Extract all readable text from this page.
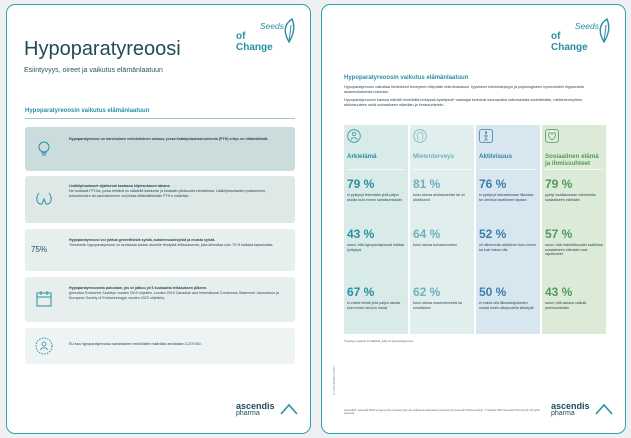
Seeds
of Change
Hypoparatyreoosi
Esiintyvyys, oireet ja vaikutus elämänlaatuun
Hypoparatyreoosin vaikutus elämänlaatuun
Hypoparatyreoosi on harvinainen endokriininen sairaus, jossa lisäkilpirauhashormonin (PTH) eritys on riittämätöntä.
Lisäkilpirauhaset sijaitsevat kaulassa kilpirauhasen takana.
Ne tuottavat PTH:ta, jonka tehtävä on säädellä kalsiumin ja fosfaatin pitoisuutta elimistössä. Lisäkilpirauhasten poistaminen, tuhoutuminen tai vaurioituminen voi johtaa riittämättömään PTH:n määrään.
75%
Hypoparatyreoosi voi johtua geneettisistä syistä, autoimmuunisyistä ja muista syistä.
Yleisimmin hypoparatyreoosi on seurausta kaulan alueelle tehdystä leikkauksesta, joka aiheuttaa noin 75 % kaikista tapauksista.
Hypoparatyreoosista puhutaan, jos se jatkuu yli 6 kuukautta leikkauksen jälkeen.
(perustuu Endocrine Societyn vuoden 2019 ohjeisiin, vuoden 2019 Canadian and International Consensus Statement -lausuntoon ja European Society of Endocrinologyn vuoden 2022 ohjeisiin).
EU:ssa hypoparatyreoosia sairastavien henkilöiden määräksi arvioidaan 3,219 000.
ascendis
pharma
Seeds
of Change
Hypoparatyreoosin vaikutus elämänlaatuun
Hypoparatyreoosi vaikuttaa kielteisesti terveyteen liittyvään elämänlaatuun, fyysiseen toimintakykyyn ja psykologiseen hyvinvointiin riippumatta asianmukaisesta hoidosta.
Hypoparatyreoosin kanssa elävillä henkilöillä tehdyssä kyselyssä* vastaajat kertoivat seuraavista vaikutuksista arkielämään, mielenterveyteen, aktiivisuuteen sekä sosiaaliseen elämään ja ihmissuhteisiin.
Arkielämä
79 %
ei pystynyt tekemään yhtä paljon asioita kuin ennen sairastumistaan
43 %
sanoi, että hypoparatyreoosi haittaa työkykyä
67 %
ei voinut tehdä yhtä paljon asioita kuin ennen tai kuin halusi
Mielenterveys
81 %
tunsi olonsa ahdistuneeksi tai oli ahdistunut
64 %
tunsi olonsa turhautuneeksi
62 %
tunsi olonsa masentuneeksi tai surulliseksi
Aktiivisuus
76 %
ei pystynyt harrastamaan liikuntaa tai urheilua tavalliseen tapaan
52 %
oli vähemmän aktiivinen kuin ennen tai kuin halusi olla
50 %
ei voinut olla liikuntarajoitusten vuoksi kodin ulkopuolella kävelyllä
Sosiaalinen elämä ja ihmissuhteet
79 %
pystyi osallistumaan vähemmän sosiaaliseen elämään
57 %
sanoi, että mahdollisuudet osallistua sosiaaliseen elämään ovat rajoittuneet
43 %
sanoi, että sairaus vaikutti perhesuhteisiin
*Kyselyyn vastasi 41 lääkäriä, joilla oli hypoparatyreoosi.
EU-HPO-0000000 10/2024
Ascendis®, Ascendis Pharma logo ja the company logo are registered trademarks owned by the Ascendis Pharma Group. © October 2024 Ascendis Pharma A/S. All rights reserved.
ascendis
pharma
